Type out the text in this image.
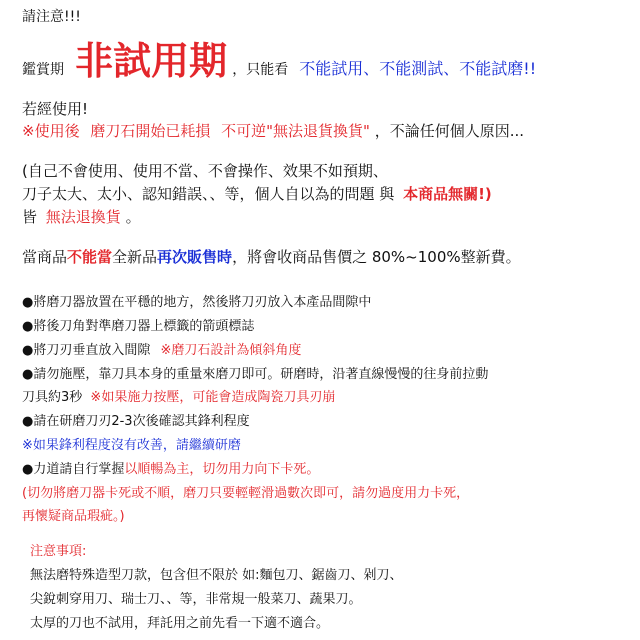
請注意!!!
鑑賞期 非試用期 ，只能看 不能試用、不能測試、不能試磨!!
若經使用!
※使用後 磨刀石開始已耗損 不可逆"無法退貨換貨" ，不論任何個人原因...
(自己不會使用、使用不當、不會操作、效果不如預期、
刀子太大、太小、認知錯誤、、等，個人自以為的問題 與 本商品無關!)
皆 無法退換貨 。
當商品不能當全新品再次販售時，將會收商品售價之 80%~100%整新費。
●將磨刀器放置在平穩的地方，然後將刀刃放入本產品間隙中
●將後刀角對準磨刀器上標籤的箭頭標誌
●將刀刃垂直放入間隙 ※磨刀石設計為傾斜角度
●請勿施壓，靠刀具本身的重量來磨刀即可。研磨時，沿著直線慢慢的往身前拉動
刀具約3秒 ※如果施力按壓，可能會造成陶瓷刀具刃崩
●請在研磨刀刃2-3次後確認其鋒利程度
※如果鋒利程度沒有改善，請繼續研磨
●力道請自行掌握以順暢為主，切勿用力向下卡死。
(切勿將磨刀器卡死或不順，磨刀只要輕輕滑過數次即可，請勿過度用力卡死，
再懷疑商品瑕疵。)
注意事項:
無法磨特殊造型刀款，包含但不限於 如:麵包刀、鋸齒刀、剁刀、
尖銳刺穿用刀、瑞士刀、、等，非常規一般菜刀、蔬果刀。
太厚的刀也不試用，拜託用之前先看一下適不適合。
